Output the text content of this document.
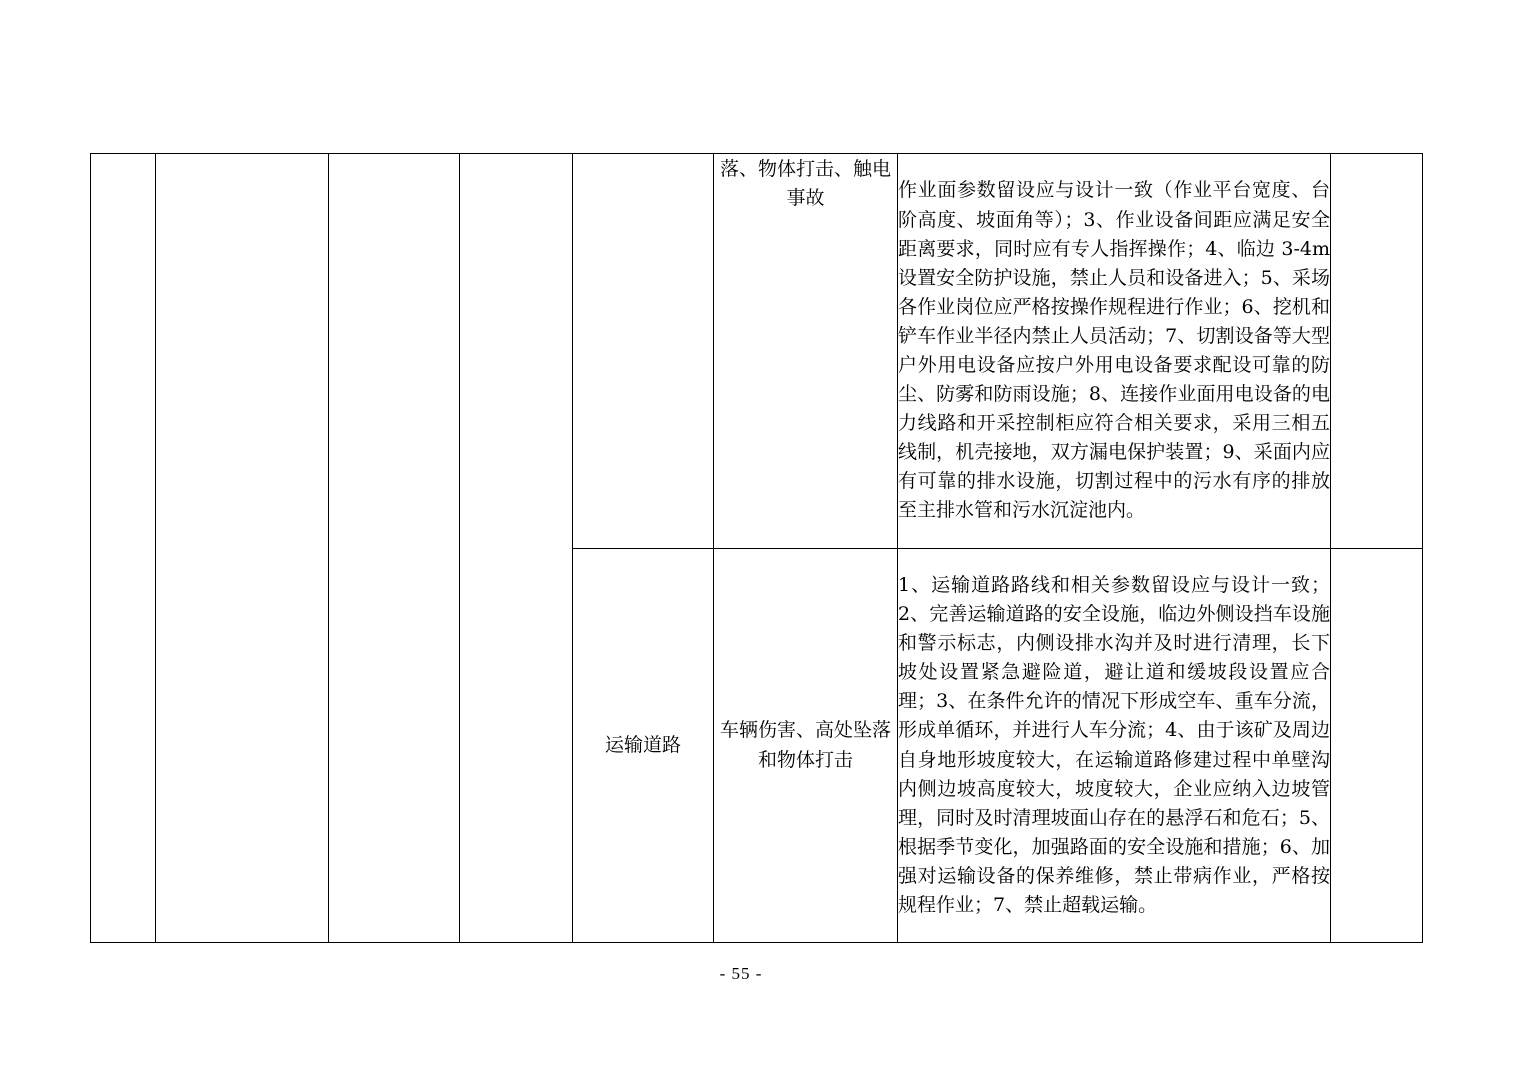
					落、物体打击、触电事故	作业面参数留设应与设计一致（作业平台宽度、台阶高度、坡面角等）；3、作业设备间距应满足安全距离要求，同时应有专人指挥操作；4、临边 3-4m 设置安全防护设施，禁止人员和设备进入；5、采场各作业岗位应严格按操作规程进行作业；6、挖机和铲车作业半径内禁止人员活动；7、切割设备等大型户外用电设备应按户外用电设备要求配设可靠的防尘、防雾和防雨设施；8、连接作业面用电设备的电力线路和开采控制柜应符合相关要求，采用三相五线制，机壳接地，双方漏电保护装置；9、采面内应有可靠的排水设施，切割过程中的污水有序的排放至主排水管和污水沉淀池内。	
				运输道路	车辆伤害、高处坠落和物体打击	1、运输道路路线和相关参数留设应与设计一致；2、完善运输道路的安全设施，临边外侧设挡车设施和警示标志，内侧设排水沟并及时进行清理，长下坡处设置紧急避险道，避让道和缓坡段设置应合理；3、在条件允许的情况下形成空车、重车分流，形成单循环，并进行人车分流；4、由于该矿及周边自身地形坡度较大，在运输道路修建过程中单壁沟内侧边坡高度较大，坡度较大，企业应纳入边坡管理，同时及时清理坡面山存在的悬浮石和危石；5、根据季节变化，加强路面的安全设施和措施；6、加强对运输设备的保养维修，禁止带病作业，严格按规程作业；7、禁止超载运输。	
- 55 -
